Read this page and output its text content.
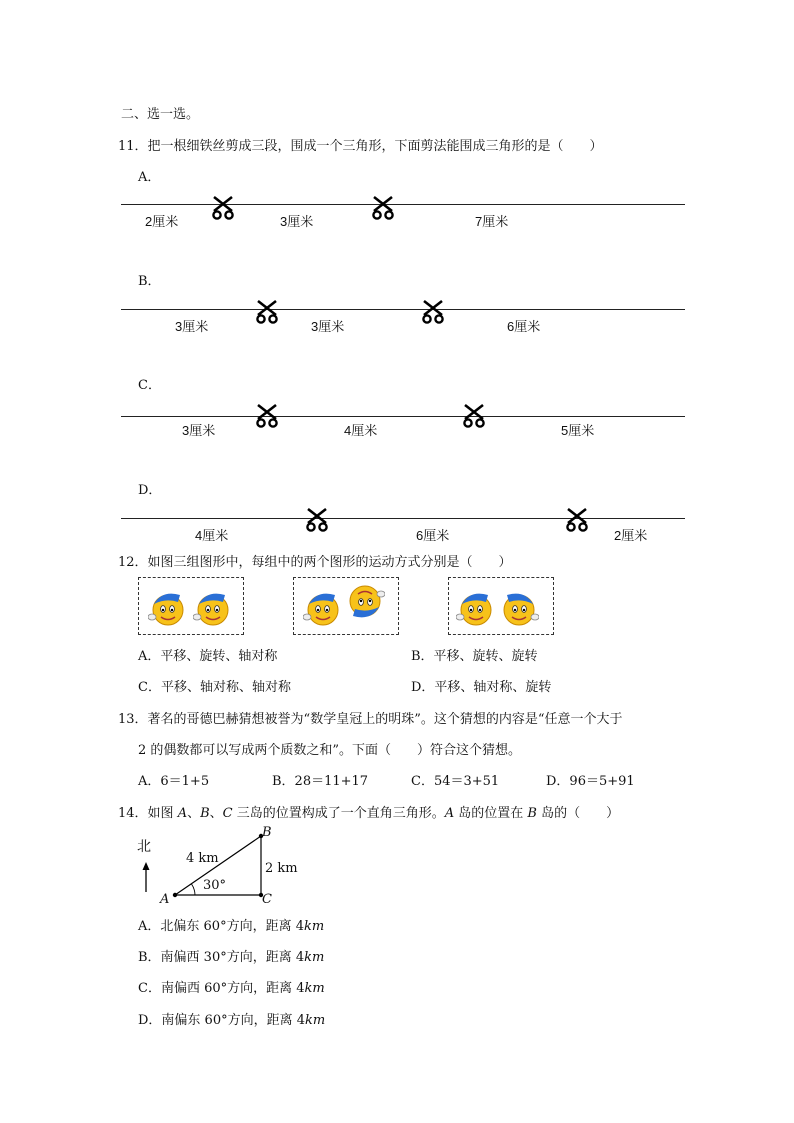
二、选一选。
11．把一根细铁丝剪成三段，围成一个三角形，下面剪法能围成三角形的是（　　）
A．
2厘米	3厘米	7厘米
B．
3厘米	3厘米	6厘米
C．
3厘米	4厘米	5厘米
D．
4厘米	6厘米	2厘米
12．如图三组图形中，每组中的两个图形的运动方式分别是（　　）
A．平移、旋转、轴对称	B．平移、旋转、旋转
C．平移、轴对称、轴对称	D．平移、轴对称、旋转
13．著名的哥德巴赫猜想被誉为“数学皇冠上的明珠”。这个猜想的内容是“任意一个大于
2 的偶数都可以写成两个质数之和”。下面（　　）符合这个猜想。
A．6＝1+5	B．28＝11+17	C．54＝3+51	D．96＝5+91
14．如图 A、B、C 三岛的位置构成了一个直角三角形。A 岛的位置在 B 岛的（　　）
北
4 km
2 km
30°
A
B
C
A．北偏东 60°方向，距离 4km
B．南偏西 30°方向，距离 4km
C．南偏西 60°方向，距离 4km
D．南偏东 60°方向，距离 4km
